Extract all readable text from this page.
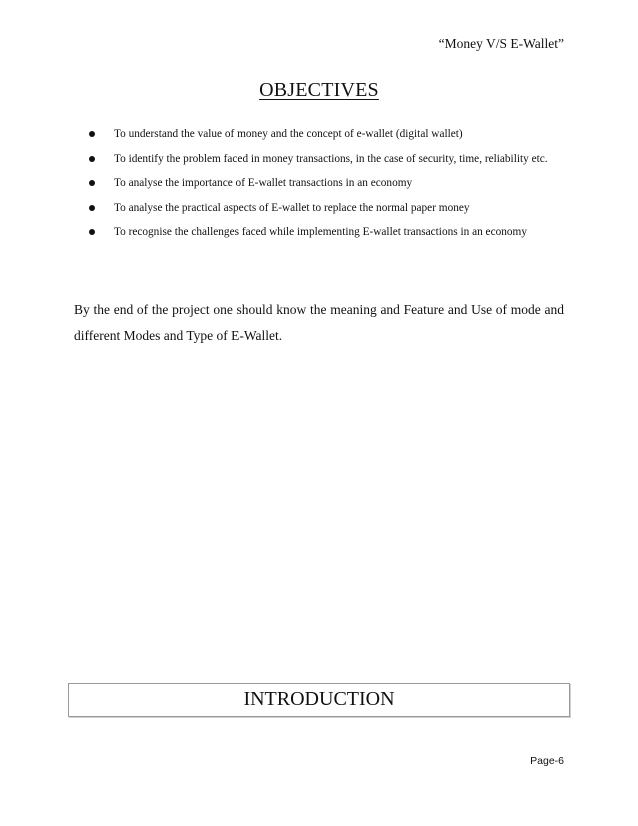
“Money V/S E-Wallet”
OBJECTIVES
To understand the value of money and the concept of e-wallet (digital wallet)
To identify the problem faced in money transactions, in the case of security, time, reliability etc.
To analyse the importance of E-wallet transactions in an economy
To analyse the practical aspects of E-wallet to replace the normal paper money
To recognise the challenges faced while implementing E-wallet transactions in an economy

By the end of the project one should know the meaning and Feature and Use of mode and different Modes and Type of E-Wallet.

INTRODUCTION
Page-6
